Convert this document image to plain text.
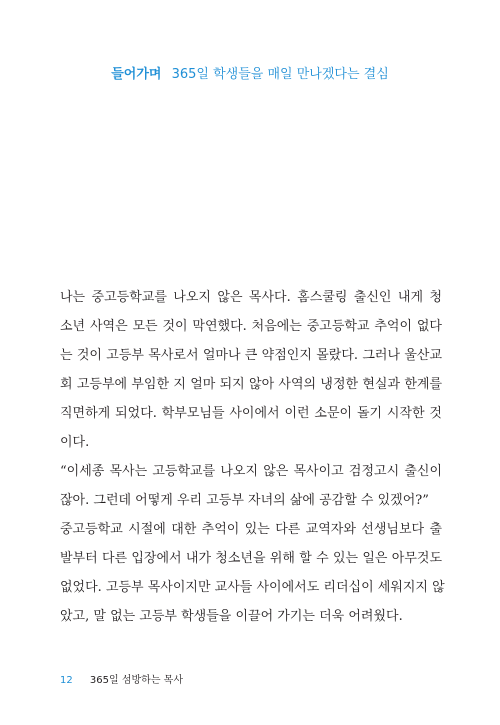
들어가며 365일 학생들을 매일 만나겠다는 결심
나는 중고등학교를 나오지 않은 목사다. 홈스쿨링 출신인 내게 청
소년 사역은 모든 것이 막연했다. 처음에는 중고등학교 추억이 없다
는 것이 고등부 목사로서 얼마나 큰 약점인지 몰랐다. 그러나 울산교
회 고등부에 부임한 지 얼마 되지 않아 사역의 냉정한 현실과 한계를
직면하게 되었다. 학부모님들 사이에서 이런 소문이 돌기 시작한 것
이다.
“이세종 목사는 고등학교를 나오지 않은 목사이고 검정고시 출신이
잖아. 그런데 어떻게 우리 고등부 자녀의 삶에 공감할 수 있겠어?”
중고등학교 시절에 대한 추억이 있는 다른 교역자와 선생님보다 출
발부터 다른 입장에서 내가 청소년을 위해 할 수 있는 일은 아무것도
없었다. 고등부 목사이지만 교사들 사이에서도 리더십이 세워지지 않
았고, 말 없는 고등부 학생들을 이끌어 가기는 더욱 어려웠다.
12 365일 섬방하는 목사
